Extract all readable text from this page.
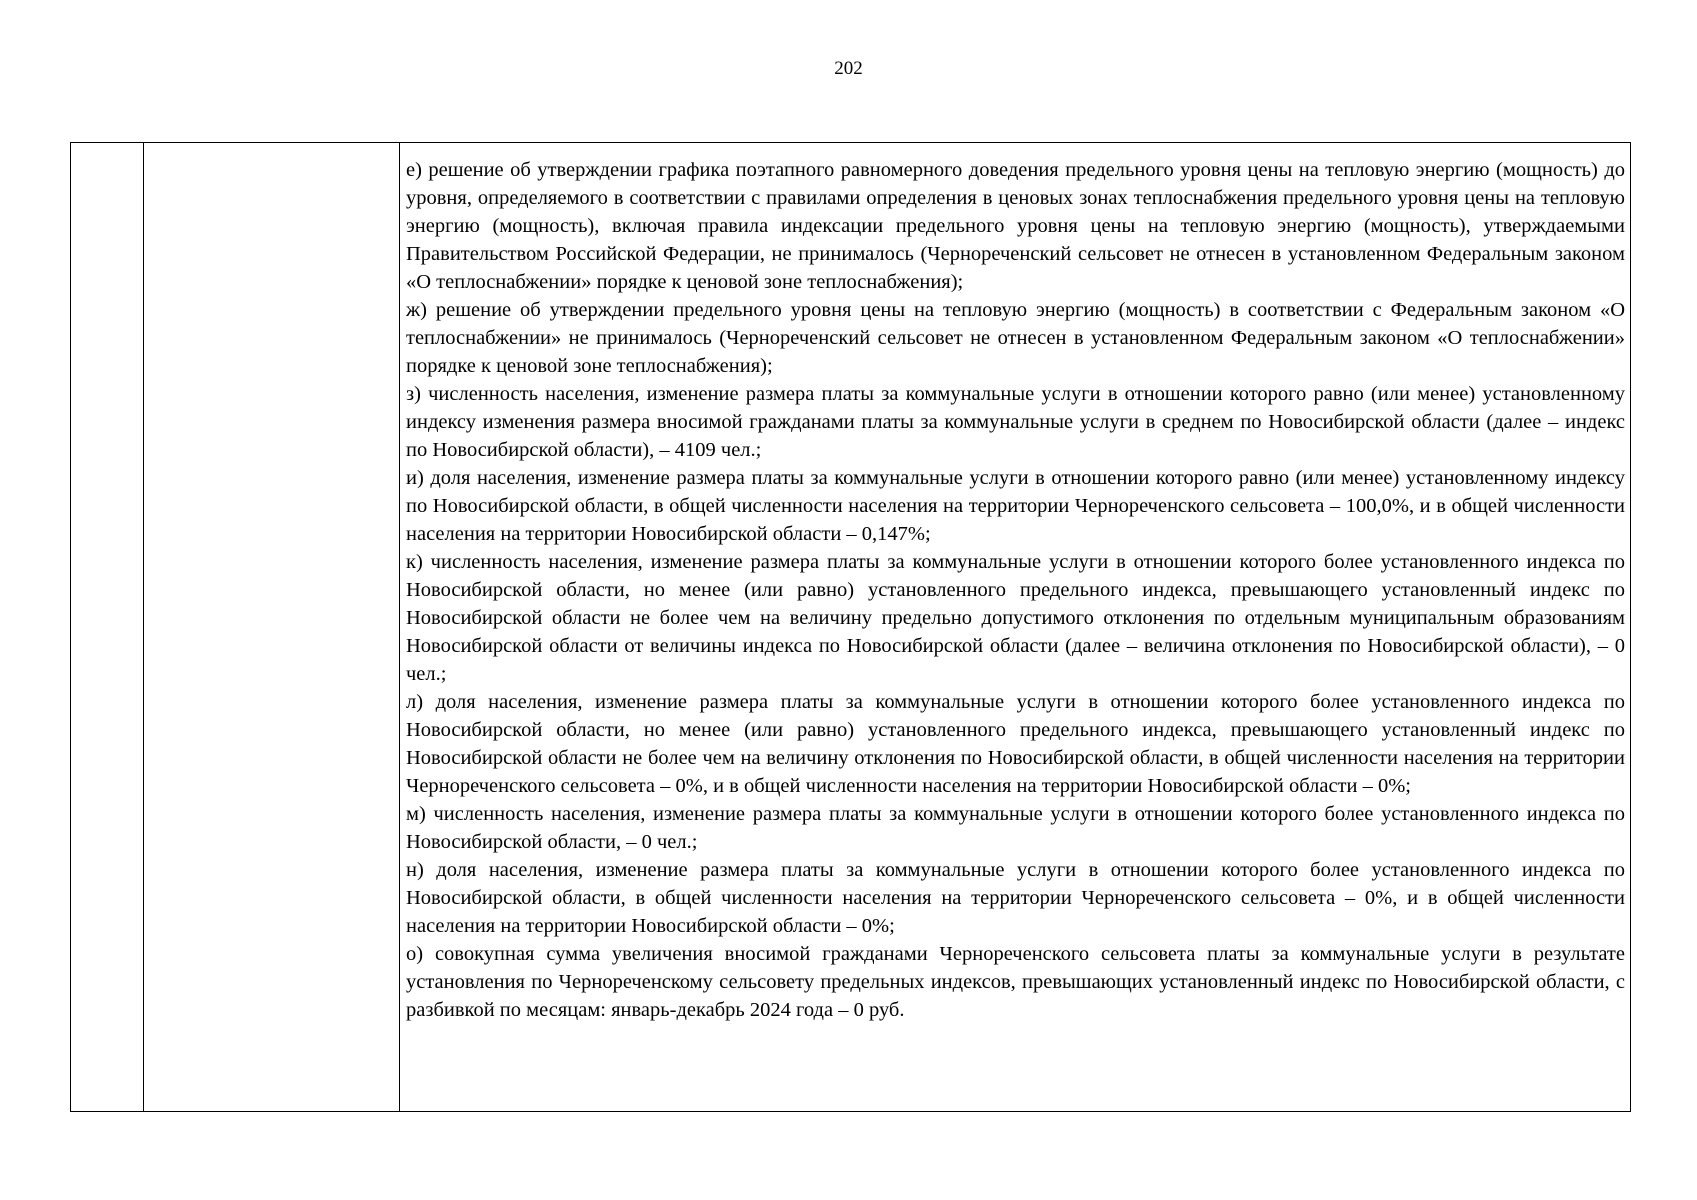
202

е) решение об утверждении графика поэтапного равномерного доведения предельного уровня цены на тепловую энергию (мощность) до уровня, определяемого в соответствии с правилами определения в ценовых зонах теплоснабжения предельного уровня цены на тепловую энергию (мощность), включая правила индексации предельного уровня цены на тепловую энергию (мощность), утверждаемыми Правительством Российской Федерации, не принималось (Чернореченский сельсовет не отнесен в установленном Федеральным законом «О теплоснабжении» порядке к ценовой зоне теплоснабжения);

ж) решение об утверждении предельного уровня цены на тепловую энергию (мощность) в соответствии с Федеральным законом «О теплоснабжении» не принималось (Чернореченский сельсовет не отнесен в установленном Федеральным законом «О теплоснабжении» порядке к ценовой зоне теплоснабжения);

з) численность населения, изменение размера платы за коммунальные услуги в отношении которого равно (или менее) установленному индексу изменения размера вносимой гражданами платы за коммунальные услуги в среднем по Новосибирской области (далее – индекс по Новосибирской области), – 4109 чел.;

и) доля населения, изменение размера платы за коммунальные услуги в отношении которого равно (или менее) установленному индексу по Новосибирской области, в общей численности населения на территории Чернореченского сельсовета – 100,0%, и в общей численности населения на территории Новосибирской области – 0,147%;

к) численность населения, изменение размера платы за коммунальные услуги в отношении которого более установленного индекса по Новосибирской области, но менее (или равно) установленного предельного индекса, превышающего установленный индекс по Новосибирской области не более чем на величину предельно допустимого отклонения по отдельным муниципальным образованиям Новосибирской области от величины индекса по Новосибирской области (далее – величина отклонения по Новосибирской области), – 0 чел.;

л) доля населения, изменение размера платы за коммунальные услуги в отношении которого более установленного индекса по Новосибирской области, но менее (или равно) установленного предельного индекса, превышающего установленный индекс по Новосибирской области не более чем на величину отклонения по Новосибирской области, в общей численности населения на территории Чернореченского сельсовета – 0%, и в общей численности населения на территории Новосибирской области – 0%;

м) численность населения, изменение размера платы за коммунальные услуги в отношении которого более установленного индекса по Новосибирской области, – 0 чел.;

н) доля населения, изменение размера платы за коммунальные услуги в отношении которого более установленного индекса по Новосибирской области, в общей численности населения на территории Чернореченского сельсовета – 0%, и в общей численности населения на территории Новосибирской области – 0%;

о) совокупная сумма увеличения вносимой гражданами Чернореченского сельсовета платы за коммунальные услуги в результате установления по Чернореченскому сельсовету предельных индексов, превышающих установленный индекс по Новосибирской области, с разбивкой по месяцам: январь-декабрь 2024 года – 0 руб.
